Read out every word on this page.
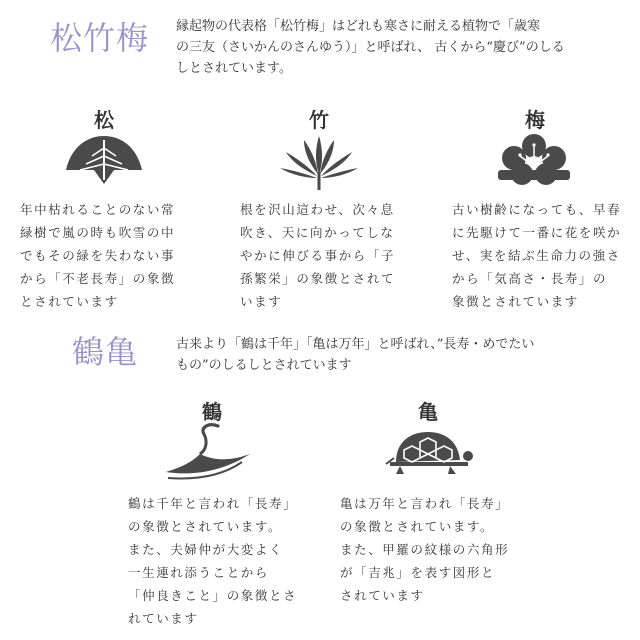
松竹梅 縁起物の代表格「松竹梅」はどれも寒さに耐える植物で「歳寒
の三友（さいかんのさんゆう）」と呼ばれ、 古くから“慶び”のしる
しとされています。
松
年中枯れることのない常
緑樹で嵐の時も吹雪の中
でもその緑を失わない事
から「不老長寿」の象徴
とされています
竹
根を沢山這わせ、次々息
吹き、天に向かってしな
やかに伸びる事から「子
孫繁栄」の象徴とされて
います
梅
古い樹齢になっても、早春
に先駆けて一番に花を咲か
せ、実を結ぶ生命力の強さ
から「気高さ・長寿」の
象徴とされています
鶴亀	古来より「鶴は千年」「亀は万年」と呼ばれ、”長寿・めでたい
もの”のしるしとされています
鶴
鶴は千年と言われ「長寿」
の象徴とされています。
また、夫婦仲が大変よく
一生連れ添うことから
「仲良きこと」の象徴とさ
れています
亀
亀は万年と言われ「長寿」
の象徴とされています。
また、甲羅の紋様の六角形
が「吉兆」を表す図形と
されています
